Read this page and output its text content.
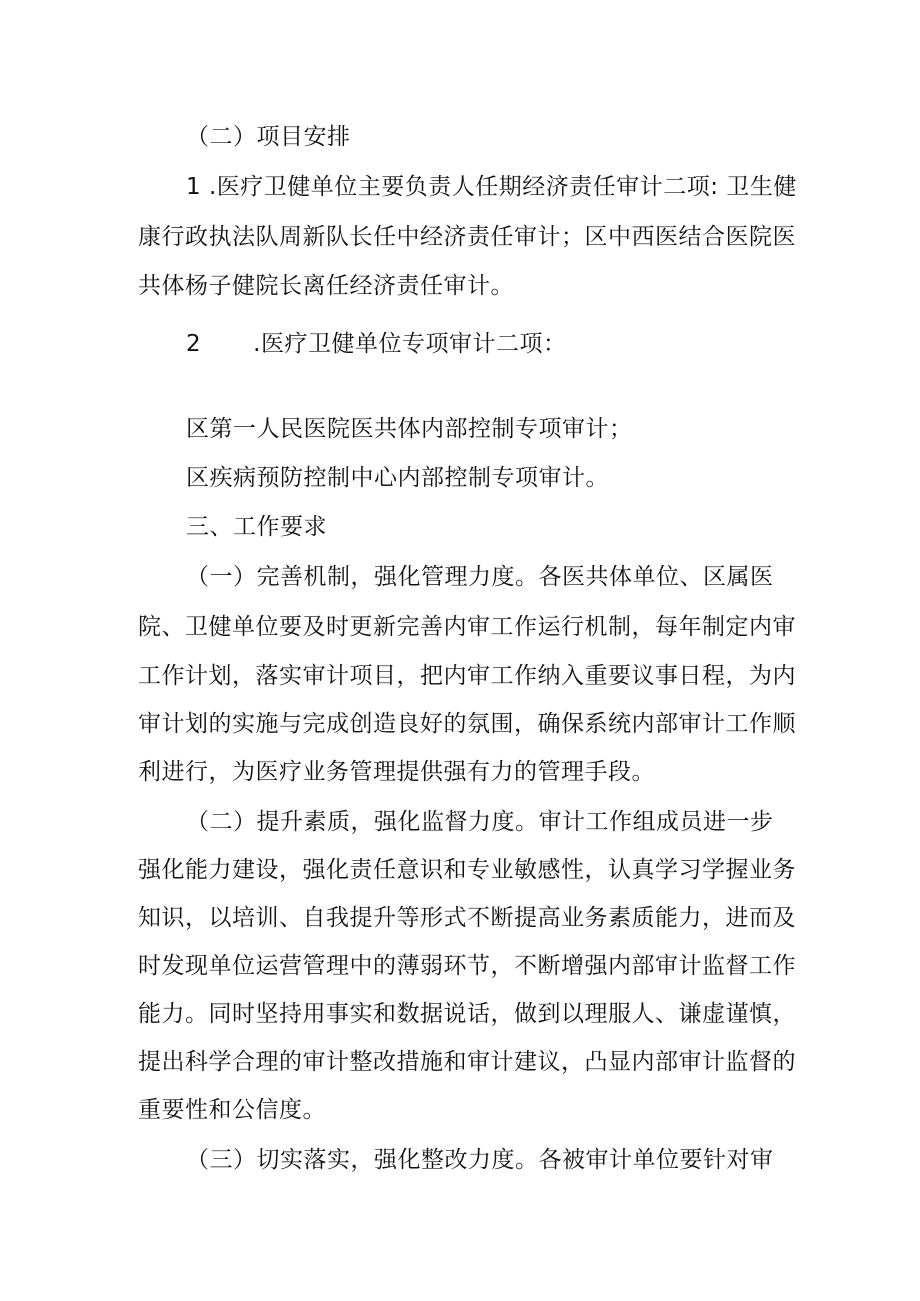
（二）项目安排
1 .医疗卫健单位主要负责人任期经济责任审计二项: 卫生健
康行政执法队周新队长任中经济责任审计；区中西医结合医院医
共体杨子健院长离任经济责任审计。
2 .医疗卫健单位专项审计二项：
区第一人民医院医共体内部控制专项审计；
区疾病预防控制中心内部控制专项审计。
三、工作要求
（一）完善机制，强化管理力度。各医共体单位、区属医
院、卫健单位要及时更新完善内审工作运行机制，每年制定内审
工作计划，落实审计项目，把内审工作纳入重要议事日程，为内
审计划的实施与完成创造良好的氛围，确保系统内部审计工作顺
利进行，为医疗业务管理提供强有力的管理手段。
（二）提升素质，强化监督力度。审计工作组成员进一步
强化能力建设，强化责任意识和专业敏感性，认真学习学握业务
知识，以培训、自我提升等形式不断提高业务素质能力，进而及
时发现单位运营管理中的薄弱环节，不断增强内部审计监督工作
能力。同时坚持用事实和数据说话，做到以理服人、谦虚谨慎，
提出科学合理的审计整改措施和审计建议，凸显内部审计监督的
重要性和公信度。
（三）切实落实，强化整改力度。各被审计单位要针对审
